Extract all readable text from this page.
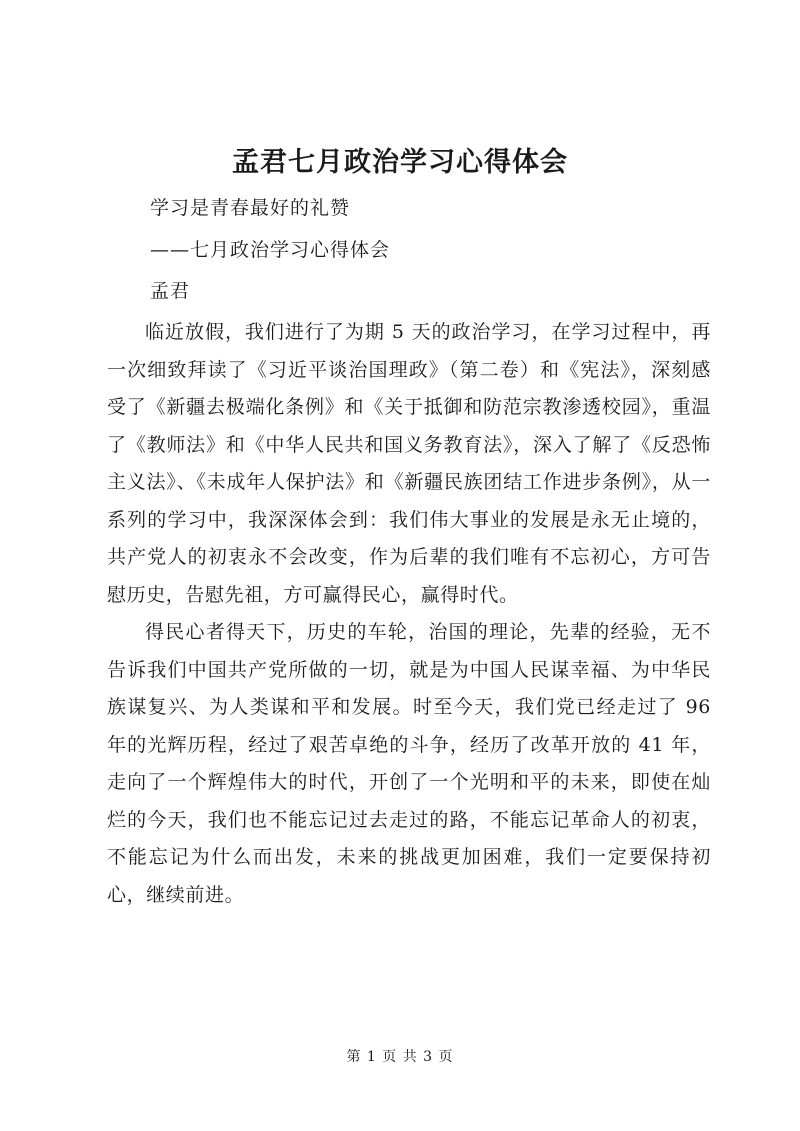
孟君七月政治学习心得体会
学习是青春最好的礼赞
——七月政治学习心得体会
孟君

临近放假，我们进行了为期 5 天的政治学习，在学习过程中，再一次细致拜读了《习近平谈治国理政》（第二卷）和《宪法》，深刻感受了《新疆去极端化条例》和《关于抵御和防范宗教渗透校园》，重温了《教师法》和《中华人民共和国义务教育法》，深入了解了《反恐怖主义法》、《未成年人保护法》和《新疆民族团结工作进步条例》，从一系列的学习中，我深深体会到：我们伟大事业的发展是永无止境的，共产党人的初衷永不会改变，作为后辈的我们唯有不忘初心，方可告慰历史，告慰先祖，方可赢得民心，赢得时代。

得民心者得天下，历史的车轮，治国的理论，先辈的经验，无不告诉我们中国共产党所做的一切，就是为中国人民谋幸福、为中华民族谋复兴、为人类谋和平和发展。时至今天，我们党已经走过了 96 年的光辉历程，经过了艰苦卓绝的斗争，经历了改革开放的 41 年，走向了一个辉煌伟大的时代，开创了一个光明和平的未来，即使在灿烂的今天，我们也不能忘记过去走过的路，不能忘记革命人的初衷，不能忘记为什么而出发，未来的挑战更加困难，我们一定要保持初心，继续前进。

第 1 页 共 3 页
